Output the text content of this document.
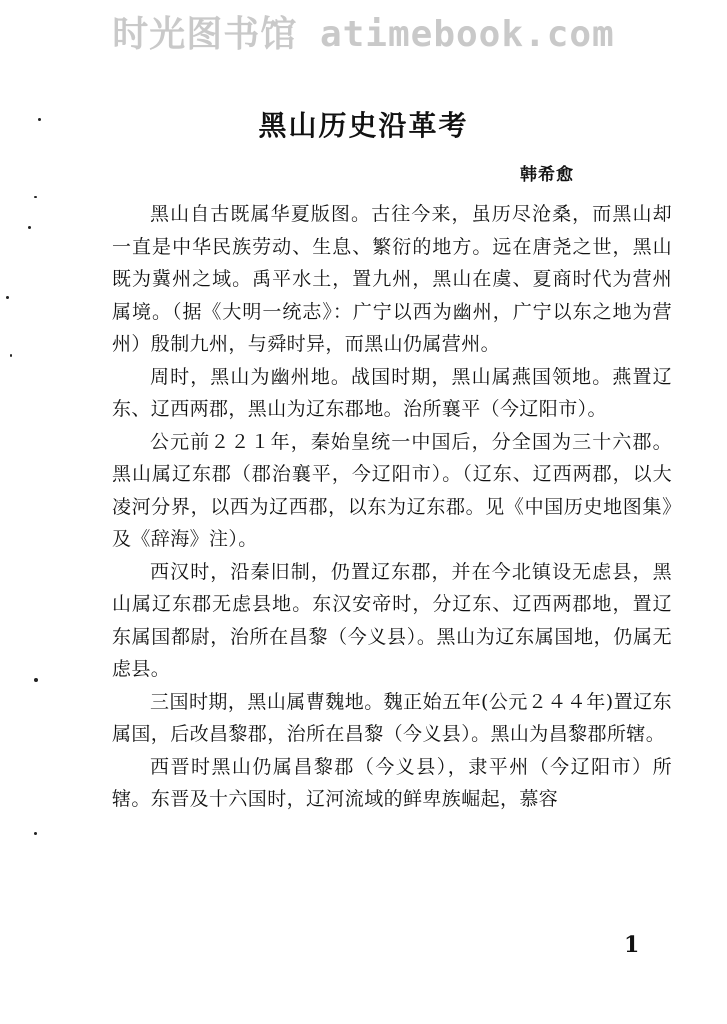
时光图书馆 atimebook.com
黑山历史沿革考
韩希愈

黑山自古既属华夏版图。古往今来，虽历尽沧桑，而黑山却一直是中华民族劳动、生息、繁衍的地方。远在唐尧之世，黑山既为冀州之域。禹平水土，置九州，黑山在虞、夏商时代为营州属境。（据《大明一统志》：广宁以西为幽州，广宁以东之地为营州）殷制九州，与舜时异，而黑山仍属营州。

周时，黑山为幽州地。战国时期，黑山属燕国领地。燕置辽东、辽西两郡，黑山为辽东郡地。治所襄平（今辽阳市）。

公元前２２１年，秦始皇统一中国后，分全国为三十六郡。黑山属辽东郡（郡治襄平，今辽阳市）。（辽东、辽西两郡，以大凌河分界，以西为辽西郡，以东为辽东郡。见《中国历史地图集》及《辞海》注）。

西汉时，沿秦旧制，仍置辽东郡，并在今北镇设无虑县，黑山属辽东郡无虑县地。东汉安帝时，分辽东、辽西两郡地，置辽东属国都尉，治所在昌黎（今义县）。黑山为辽东属国地，仍属无虑县。

三国时期，黑山属曹魏地。魏正始五年(公元２４４年)置辽东属国，后改昌黎郡，治所在昌黎（今义县）。黑山为昌黎郡所辖。

西晋时黑山仍属昌黎郡（今义县），隶平州（今辽阳市）所辖。东晋及十六国时，辽河流域的鲜卑族崛起，慕容

1
